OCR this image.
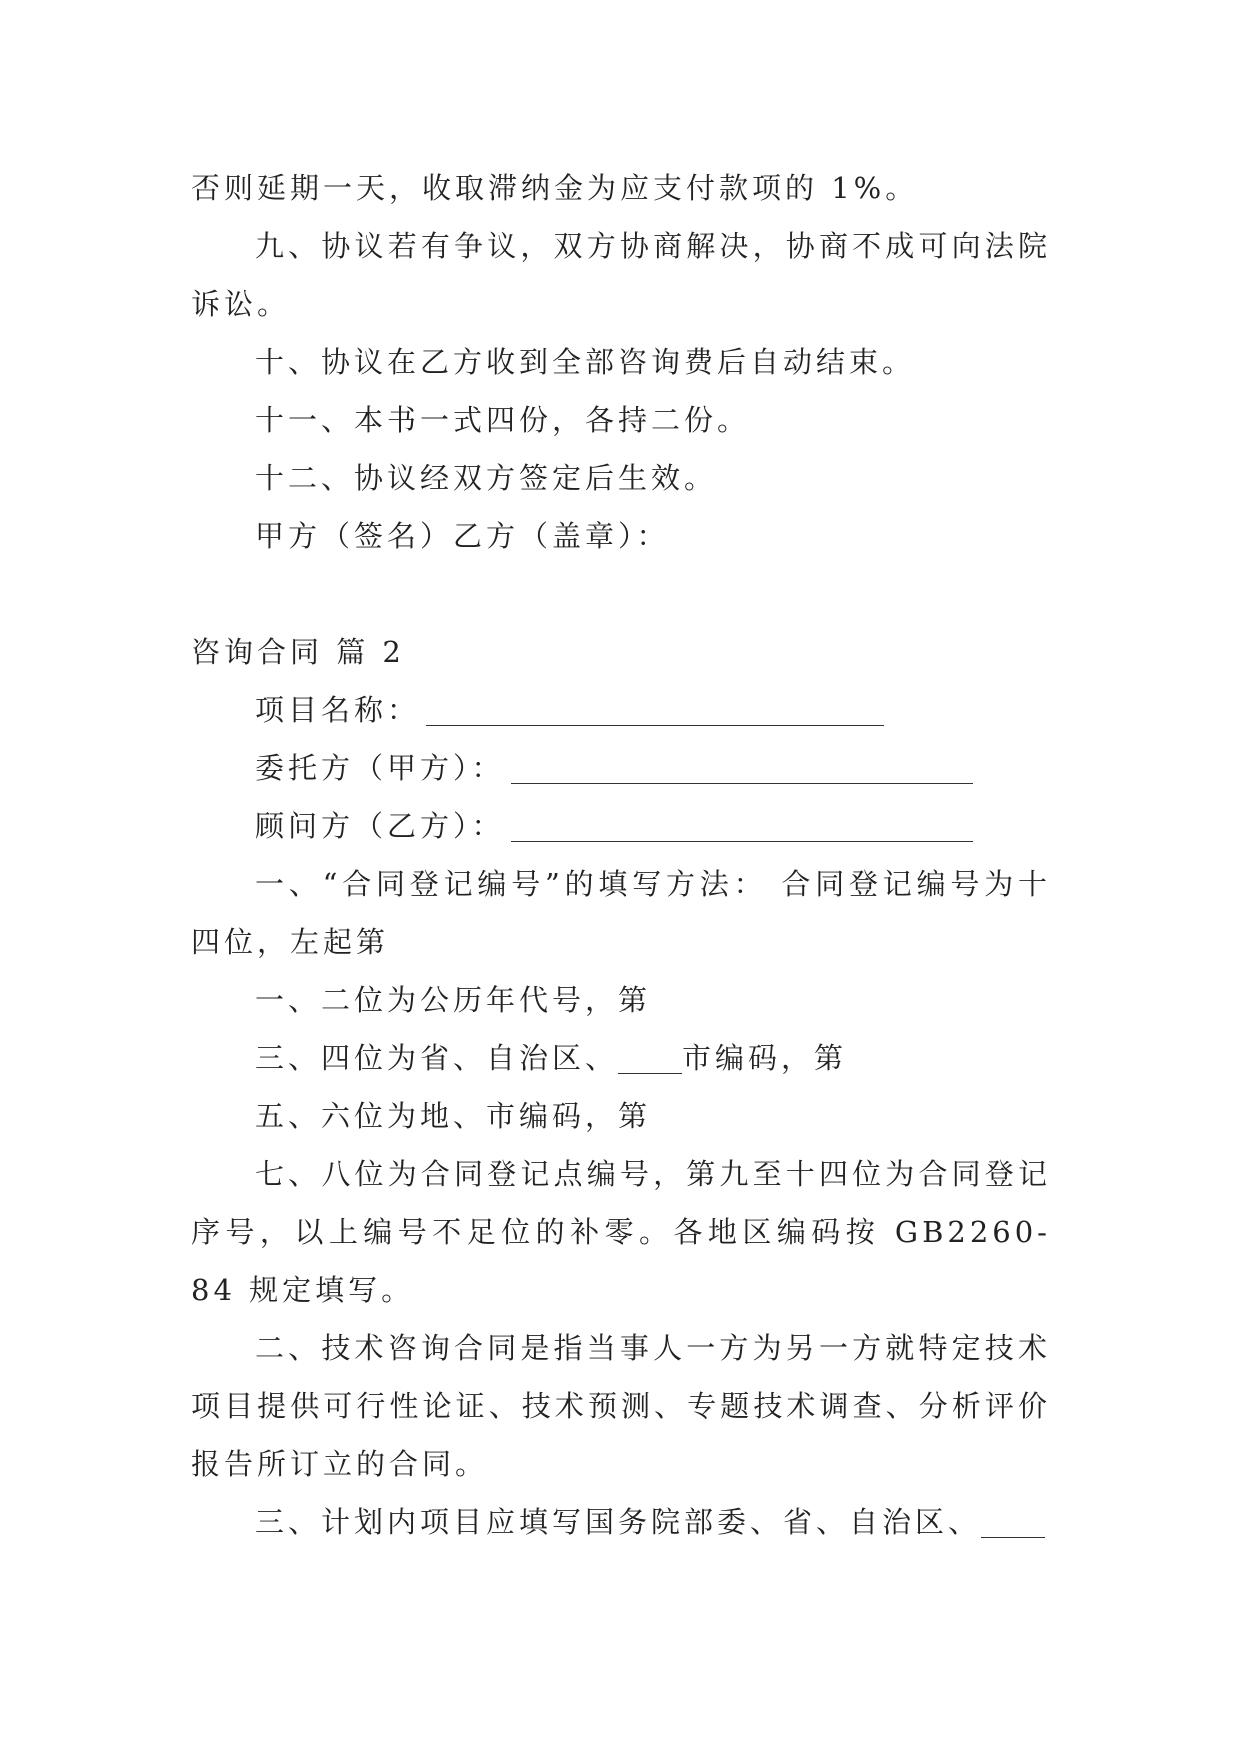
否则延期一天，收取滞纳金为应支付款项的 1%。

九、协议若有争议，双方协商解决，协商不成可向法院诉讼。

十、协议在乙方收到全部咨询费后自动结束。

十一、本书一式四份，各持二份。

十二、协议经双方签定后生效。

甲方（签名）乙方（盖章）：

咨询合同 篇 2

项目名称：

委托方（甲方）：

顾问方（乙方）：

一、“合同登记编号”的填写方法： 合同登记编号为十四位，左起第

一、二位为公历年代号，第

三、四位为省、自治区、 市编码，第

五、六位为地、市编码，第

七、八位为合同登记点编号，第九至十四位为合同登记序号，以上编号不足位的补零。各地区编码按 GB2260-84 规定填写。

二、技术咨询合同是指当事人一方为另一方就特定技术项目提供可行性论证、技术预测、专题技术调查、分析评价报告所订立的合同。

三、计划内项目应填写国务院部委、省、自治区、
